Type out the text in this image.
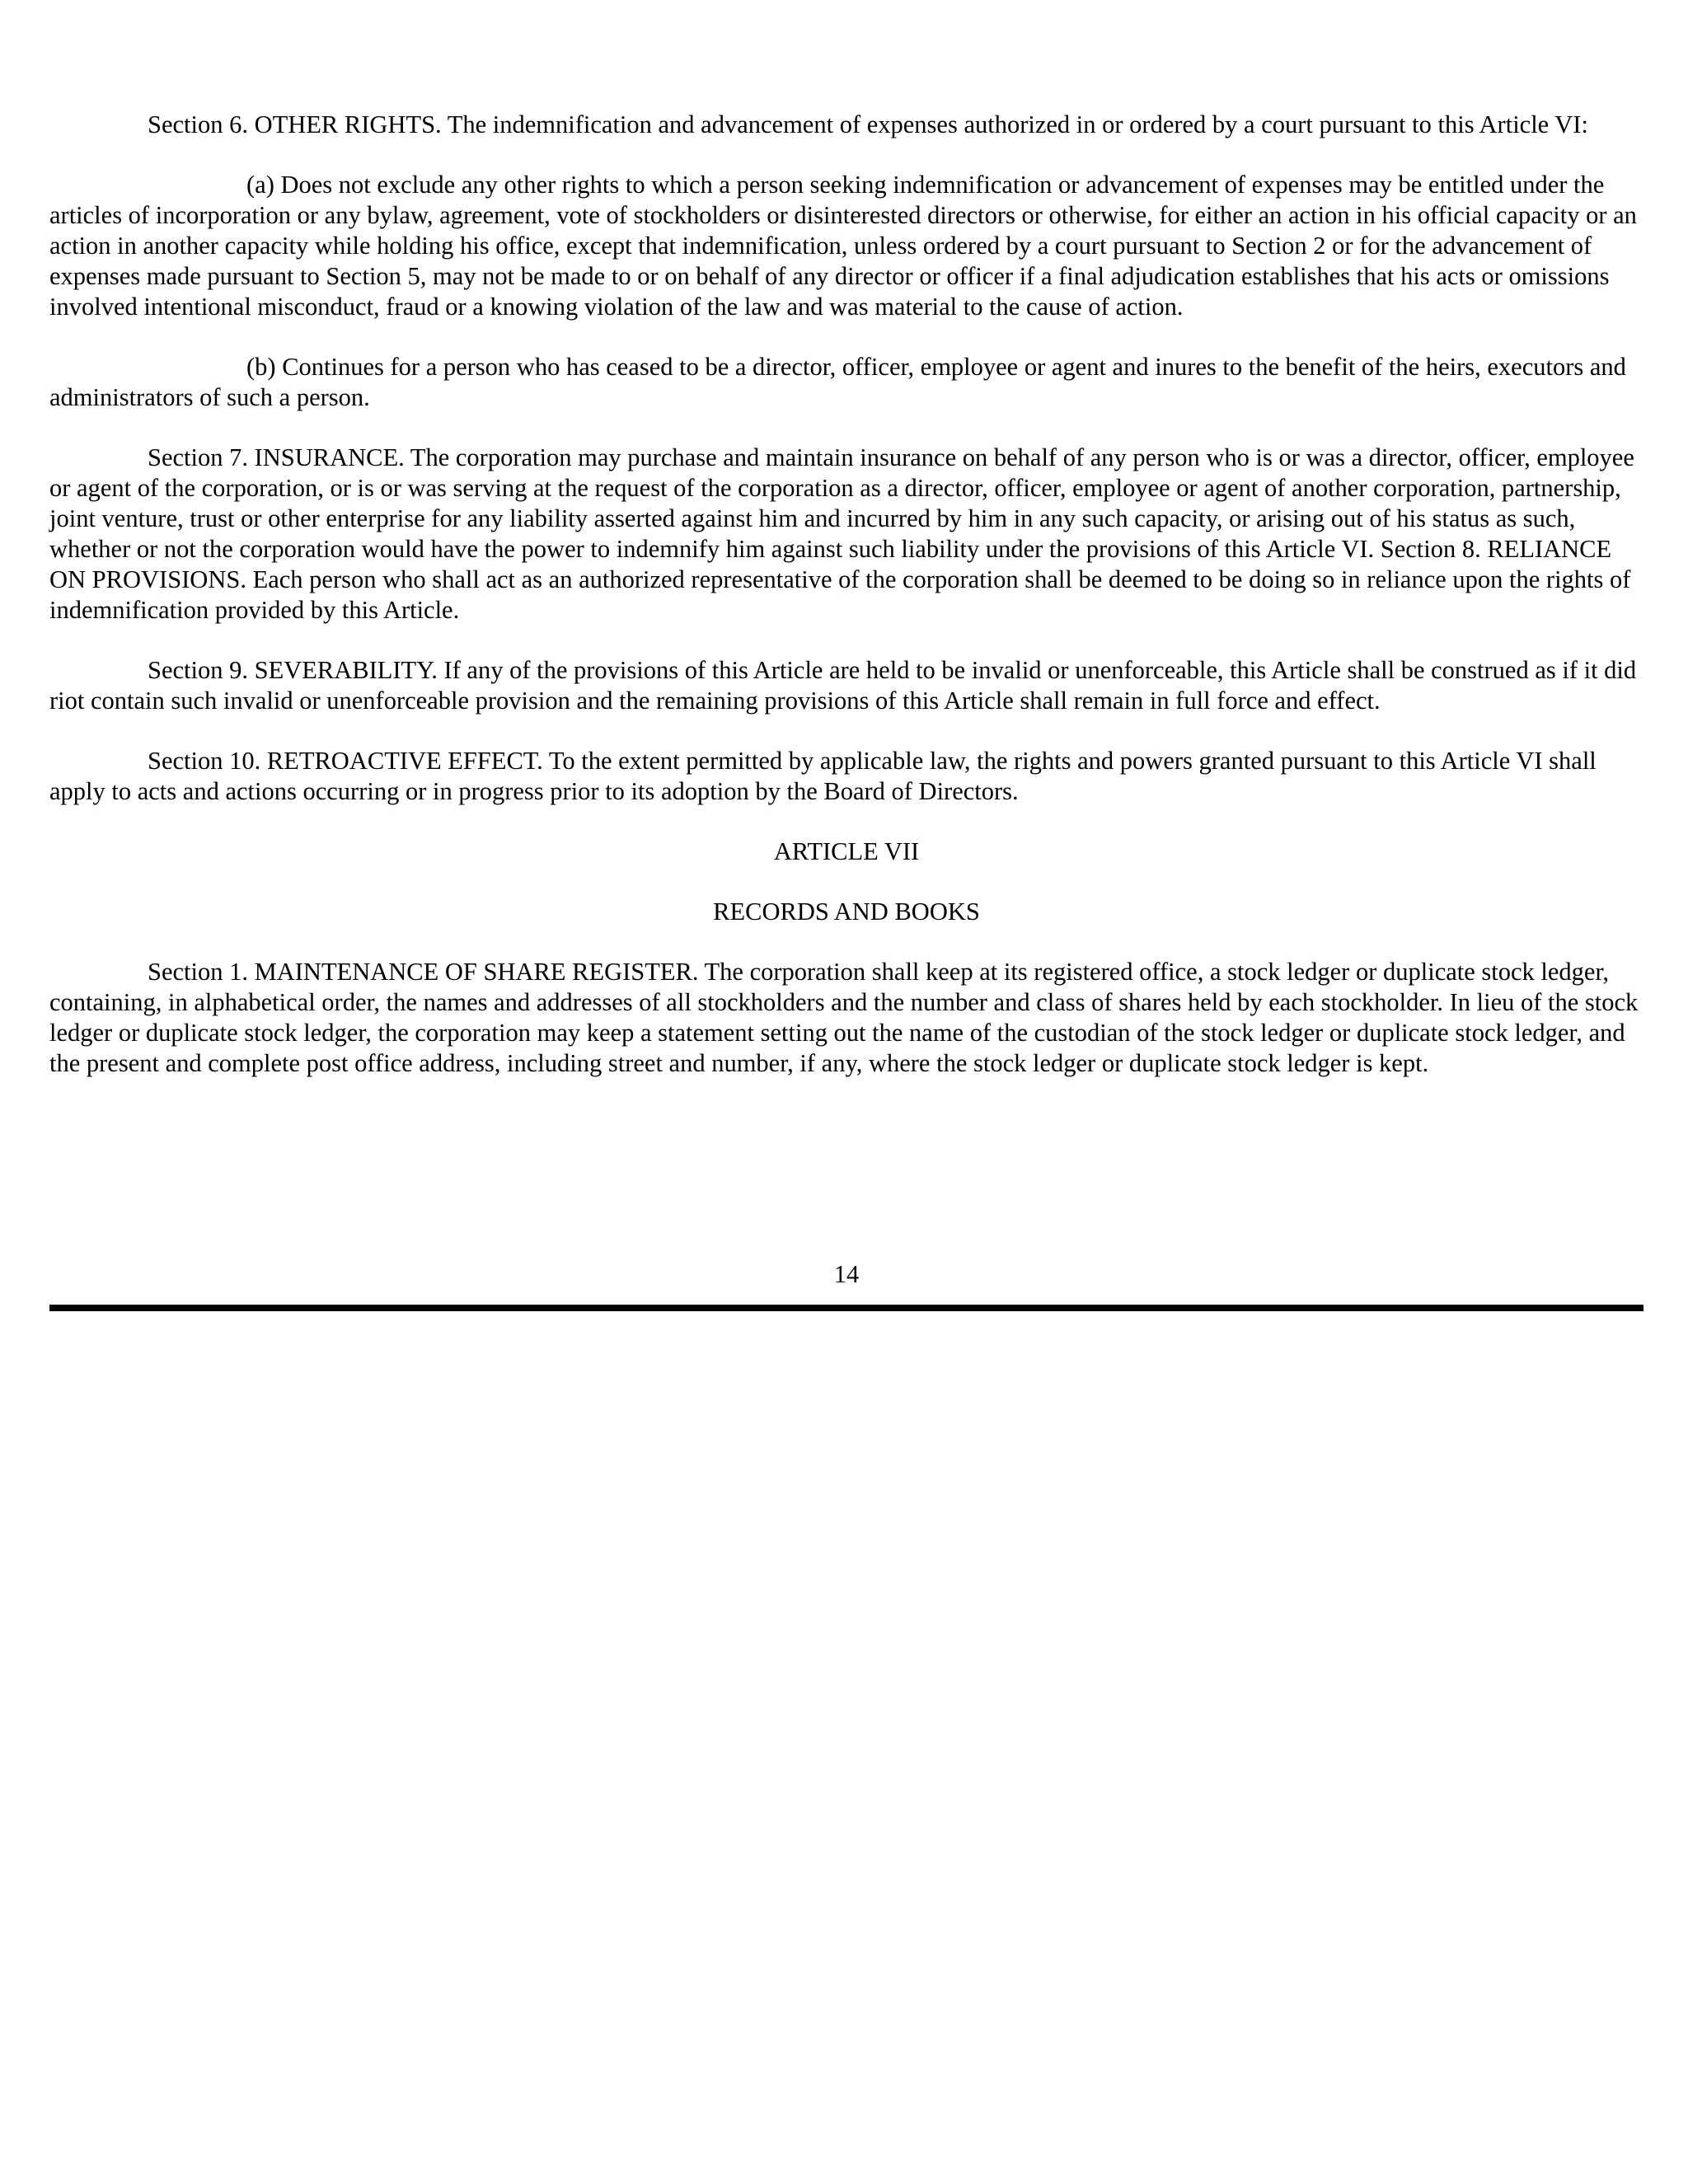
Section 6. OTHER RIGHTS. The indemnification and advancement of expenses authorized in or ordered by a court pursuant to this Article VI:

(a) Does not exclude any other rights to which a person seeking indemnification or advancement of expenses may be entitled under the articles of incorporation or any bylaw, agreement, vote of stockholders or disinterested directors or otherwise, for either an action in his official capacity or an action in another capacity while holding his office, except that indemnification, unless ordered by a court pursuant to Section 2 or for the advancement of expenses made pursuant to Section 5, may not be made to or on behalf of any director or officer if a final adjudication establishes that his acts or omissions involved intentional misconduct, fraud or a knowing violation of the law and was material to the cause of action.

(b) Continues for a person who has ceased to be a director, officer, employee or agent and inures to the benefit of the heirs, executors and administrators of such a person.

Section 7. INSURANCE. The corporation may purchase and maintain insurance on behalf of any person who is or was a director, officer, employee or agent of the corporation, or is or was serving at the request of the corporation as a director, officer, employee or agent of another corporation, partnership, joint venture, trust or other enterprise for any liability asserted against him and incurred by him in any such capacity, or arising out of his status as such, whether or not the corporation would have the power to indemnify him against such liability under the provisions of this Article VI. Section 8. RELIANCE ON PROVISIONS. Each person who shall act as an authorized representative of the corporation shall be deemed to be doing so in reliance upon the rights of indemnification provided by this Article.

Section 9. SEVERABILITY. If any of the provisions of this Article are held to be invalid or unenforceable, this Article shall be construed as if it did riot contain such invalid or unenforceable provision and the remaining provisions of this Article shall remain in full force and effect.

Section 10. RETROACTIVE EFFECT. To the extent permitted by applicable law, the rights and powers granted pursuant to this Article VI shall apply to acts and actions occurring or in progress prior to its adoption by the Board of Directors.

ARTICLE VII
RECORDS AND BOOKS

Section 1. MAINTENANCE OF SHARE REGISTER. The corporation shall keep at its registered office, a stock ledger or duplicate stock ledger, containing, in alphabetical order, the names and addresses of all stockholders and the number and class of shares held by each stockholder. In lieu of the stock ledger or duplicate stock ledger, the corporation may keep a statement setting out the name of the custodian of the stock ledger or duplicate stock ledger, and the present and complete post office address, including street and number, if any, where the stock ledger or duplicate stock ledger is kept.

14
